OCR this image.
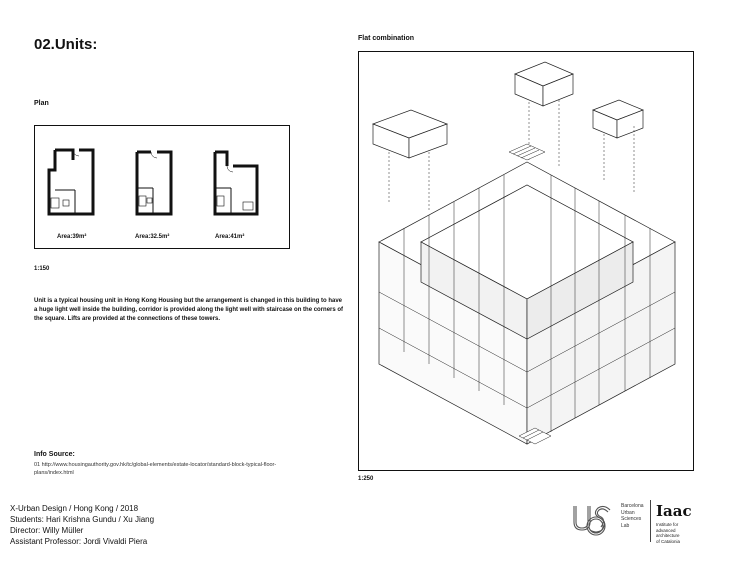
02.Units:
Plan
Area:39m²	Area:32.5m²	Area:41m²
1:150
Unit is a typical housing unit in Hong Kong Housing but the arrangement is changed in this building to have a huge light well inside the building, corridor is provided along the light well with staircase on the corners of the square. Lifts are provided at the connections of these towers.
Info Source:
01 http://www.housingauthority.gov.hk/tc/global-elements/estate-locator/standard-block-typical-floor-plans/index.html
X-Urban Design / Hong Kong / 2018
Students: Hari Krishna Gundu / Xu Jiang
Director: Willy Müller
Assistant Professor: Jordi Vivaldi Piera
Flat combination
1:250
Barcelona
Urban
Sciences
Lab
Iaac
Institute for
advanced
architecture
of Catalonia
